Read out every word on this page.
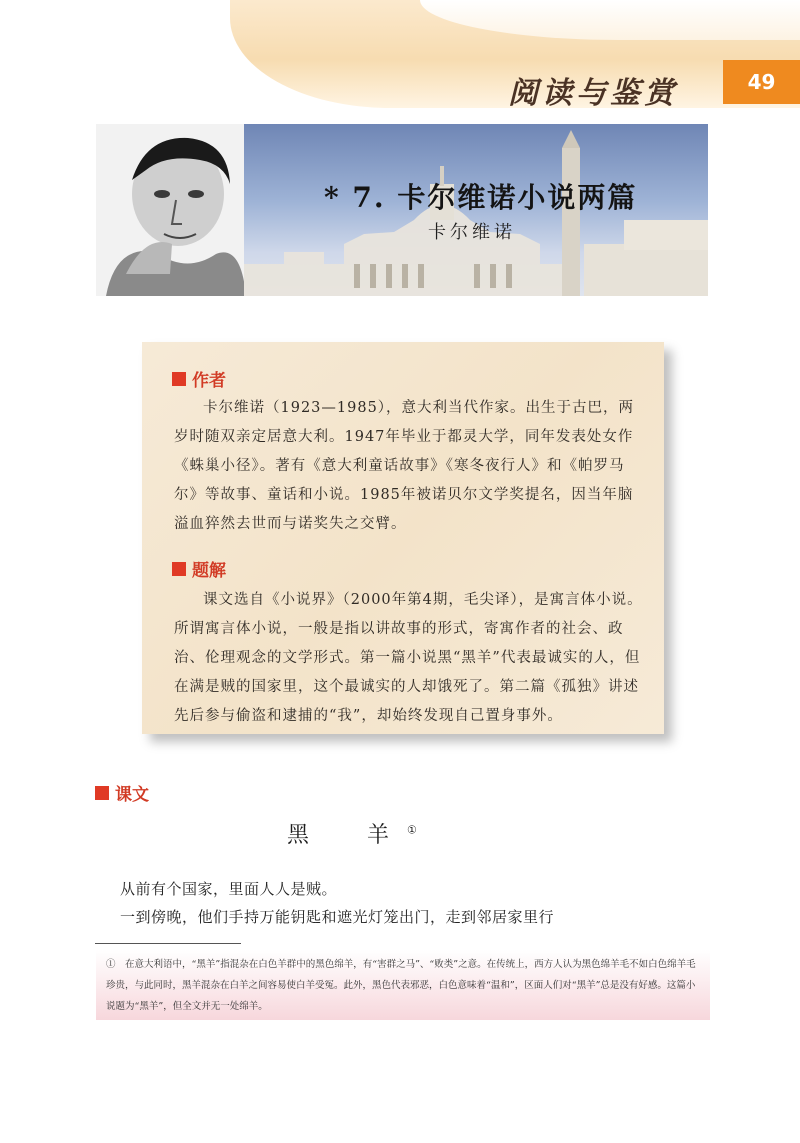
阅读与鉴赏	49
* 7. 卡尔维诺小说两篇
卡尔维诺
作者
卡尔维诺（1923—1985），意大利当代作家。出生于古巴，两岁时随双亲定居意大利。1947年毕业于都灵大学，同年发表处女作《蛛巢小径》。著有《意大利童话故事》《寒冬夜行人》和《帕罗马尔》等故事、童话和小说。1985年被诺贝尔文学奖提名，因当年脑溢血猝然去世而与诺奖失之交臂。
题解
课文选自《小说界》（2000年第4期，毛尖译），是寓言体小说。所谓寓言体小说，一般是指以讲故事的形式，寄寓作者的社会、政治、伦理观念的文学形式。第一篇小说黑“黑羊”代表最诚实的人，但在满是贼的国家里，这个最诚实的人却饿死了。第二篇《孤独》讲述先后参与偷盗和逮捕的“我”，却始终发现自己置身事外。
课文
黑　羊①
从前有个国家，里面人人是贼。
一到傍晚，他们手持万能钥匙和遮光灯笼出门，走到邻居家里行
①　在意大利语中，“黑羊”指混杂在白色羊群中的黑色绵羊，有“害群之马”、“败类”之意。在传统上，西方人认为黑色绵羊毛不如白色绵羊毛珍贵，与此同时，黑羊混杂在白羊之间容易使白羊受冤。此外，黑色代表邪恶，白色意味着“温和”，区面人们对“黑羊”总是没有好感。这篇小说题为“黑羊”，但全文并无一处绵羊。
